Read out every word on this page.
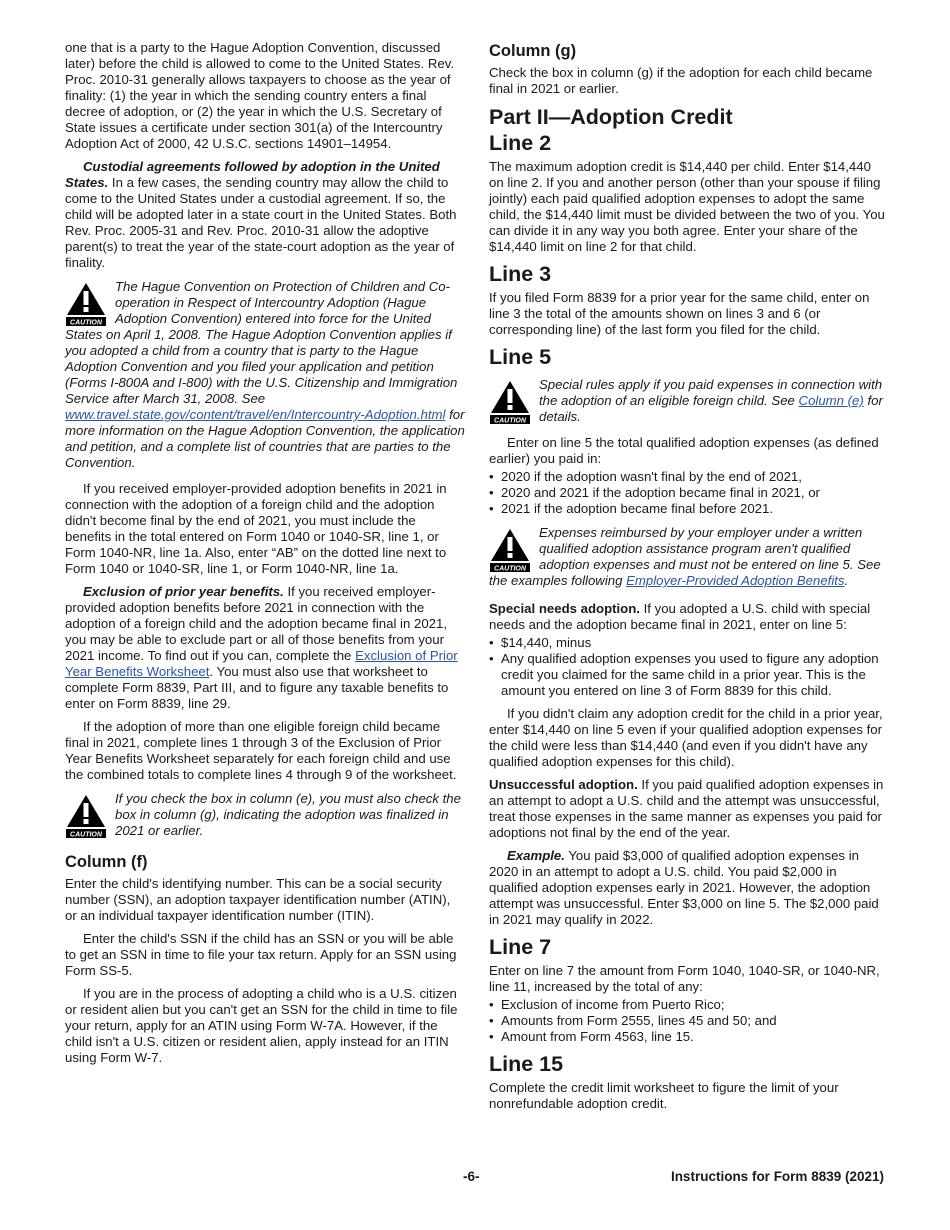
one that is a party to the Hague Adoption Convention, discussed later) before the child is allowed to come to the United States. Rev. Proc. 2010-31 generally allows taxpayers to choose as the year of finality: (1) the year in which the sending country enters a final decree of adoption, or (2) the year in which the U.S. Secretary of State issues a certificate under section 301(a) of the Intercountry Adoption Act of 2000, 42 U.S.C. sections 14901–14954.

Custodial agreements followed by adoption in the United States. In a few cases, the sending country may allow the child to come to the United States under a custodial agreement. If so, the child will be adopted later in a state court in the United States. Both Rev. Proc. 2005-31 and Rev. Proc. 2010-31 allow the adoptive parent(s) to treat the year of the state-court adoption as the year of finality.

CAUTION
The Hague Convention on Protection of Children and Co-operation in Respect of Intercountry Adoption (Hague Adoption Convention) entered into force for the United States on April 1, 2008. The Hague Adoption Convention applies if you adopted a child from a country that is party to the Hague Adoption Convention and you filed your application and petition (Forms I-800A and I-800) with the U.S. Citizenship and Immigration Service after March 31, 2008. See www.travel.state.gov/content/travel/en/Intercountry-Adoption.html for more information on the Hague Adoption Convention, the application and petition, and a complete list of countries that are parties to the Convention.

If you received employer-provided adoption benefits in 2021 in connection with the adoption of a foreign child and the adoption didn't become final by the end of 2021, you must include the benefits in the total entered on Form 1040 or 1040-SR, line 1, or Form 1040-NR, line 1a. Also, enter “AB” on the dotted line next to Form 1040 or 1040-SR, line 1, or Form 1040-NR, line 1a.

Exclusion of prior year benefits. If you received employer-provided adoption benefits before 2021 in connection with the adoption of a foreign child and the adoption became final in 2021, you may be able to exclude part or all of those benefits from your 2021 income. To find out if you can, complete the Exclusion of Prior Year Benefits Worksheet. You must also use that worksheet to complete Form 8839, Part III, and to figure any taxable benefits to enter on Form 8839, line 29.

If the adoption of more than one eligible foreign child became final in 2021, complete lines 1 through 3 of the Exclusion of Prior Year Benefits Worksheet separately for each foreign child and use the combined totals to complete lines 4 through 9 of the worksheet.

CAUTION
If you check the box in column (e), you must also check the box in column (g), indicating the adoption was finalized in 2021 or earlier.
Column (f)

Enter the child's identifying number. This can be a social security number (SSN), an adoption taxpayer identification number (ATIN), or an individual taxpayer identification number (ITIN).

Enter the child's SSN if the child has an SSN or you will be able to get an SSN in time to file your tax return. Apply for an SSN using Form SS-5.

If you are in the process of adopting a child who is a U.S. citizen or resident alien but you can't get an SSN for the child in time to file your return, apply for an ATIN using Form W-7A. However, if the child isn't a U.S. citizen or resident alien, apply instead for an ITIN using Form W-7.

Column (g)

Check the box in column (g) if the adoption for each child became final in 2021 or earlier.

Part II—Adoption Credit
Line 2

The maximum adoption credit is $14,440 per child. Enter $14,440 on line 2. If you and another person (other than your spouse if filing jointly) each paid qualified adoption expenses to adopt the same child, the $14,440 limit must be divided between the two of you. You can divide it in any way you both agree. Enter your share of the $14,440 limit on line 2 for that child.

Line 3

If you filed Form 8839 for a prior year for the same child, enter on line 3 the total of the amounts shown on lines 3 and 6 (or corresponding line) of the last form you filed for the child.

Line 5
CAUTION
Special rules apply if you paid expenses in connection with the adoption of an eligible foreign child. See Column (e) for details.

Enter on line 5 the total qualified adoption expenses (as defined earlier) you paid in:

• 2020 if the adoption wasn't final by the end of 2021,
• 2020 and 2021 if the adoption became final in 2021, or
• 2021 if the adoption became final before 2021.
CAUTION
Expenses reimbursed by your employer under a written qualified adoption assistance program aren't qualified adoption expenses and must not be entered on line 5. See the examples following Employer-Provided Adoption Benefits.

Special needs adoption. If you adopted a U.S. child with special needs and the adoption became final in 2021, enter on line 5:

• $14,440, minus
• Any qualified adoption expenses you used to figure any adoption credit you claimed for the same child in a prior year. This is the amount you entered on line 3 of Form 8839 for this child.

If you didn't claim any adoption credit for the child in a prior year, enter $14,440 on line 5 even if your qualified adoption expenses for the child were less than $14,440 (and even if you didn't have any qualified adoption expenses for this child).

Unsuccessful adoption. If you paid qualified adoption expenses in an attempt to adopt a U.S. child and the attempt was unsuccessful, treat those expenses in the same manner as expenses you paid for adoptions not final by the end of the year.

Example. You paid $3,000 of qualified adoption expenses in 2020 in an attempt to adopt a U.S. child. You paid $2,000 in qualified adoption expenses early in 2021. However, the adoption attempt was unsuccessful. Enter $3,000 on line 5. The $2,000 paid in 2021 may qualify in 2022.

Line 7

Enter on line 7 the amount from Form 1040, 1040-SR, or 1040-NR, line 11, increased by the total of any:

• Exclusion of income from Puerto Rico;
• Amounts from Form 2555, lines 45 and 50; and
• Amount from Form 4563, line 15.
Line 15

Complete the credit limit worksheet to figure the limit of your nonrefundable adoption credit.

-6-	Instructions for Form 8839 (2021)
